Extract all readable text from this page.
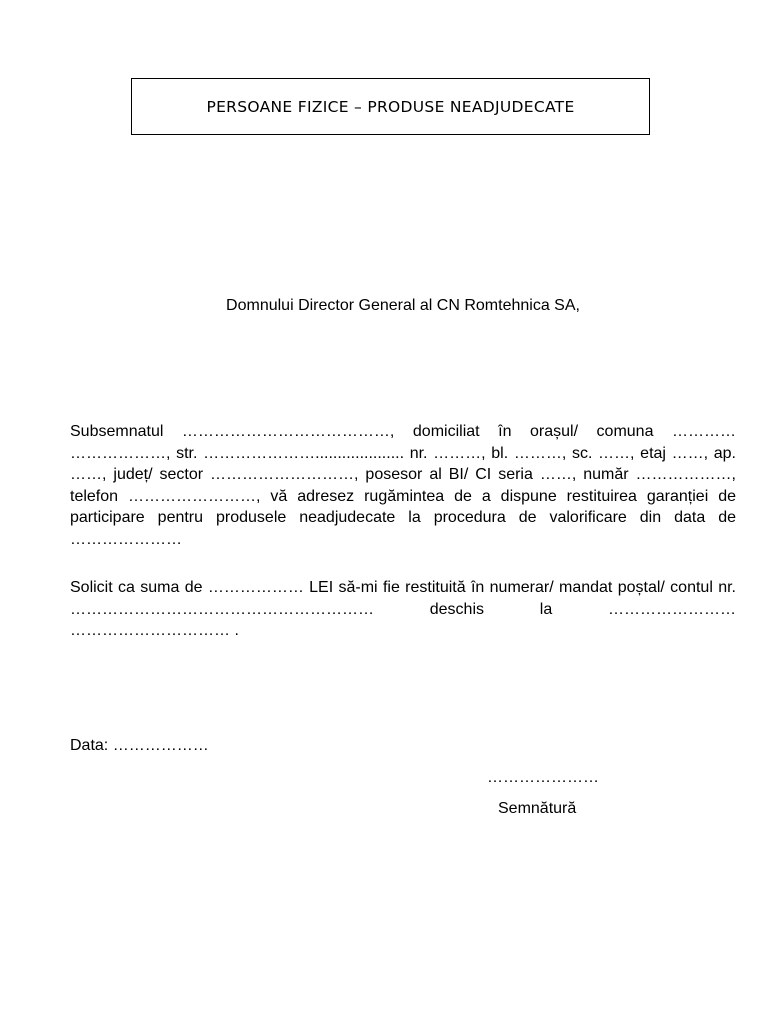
PERSOANE FIZICE – PRODUSE NEADJUDECATE
Domnului Director General al CN Romtehnica SA,

Subsemnatul …………………………………, domiciliat în orașul/ comuna ………… ………………, str. ………………….................... nr. ………, bl. ………, sc. ……, etaj ……, ap. ……, județ/ sector ………………………, posesor al BI/ CI seria ……, număr ………………, telefon ……………………, vă adresez rugămintea de a dispune restituirea garanției de participare pentru produsele neadjudecate la procedura de valorificare din data de …………………

Solicit ca suma de ……………… LEI să-mi fie restituită în numerar/ mandat poștal/ contul nr. ………………………………………………… deschis la …………………… ………………………… .

Data: ………………
…………………
Semnătură
